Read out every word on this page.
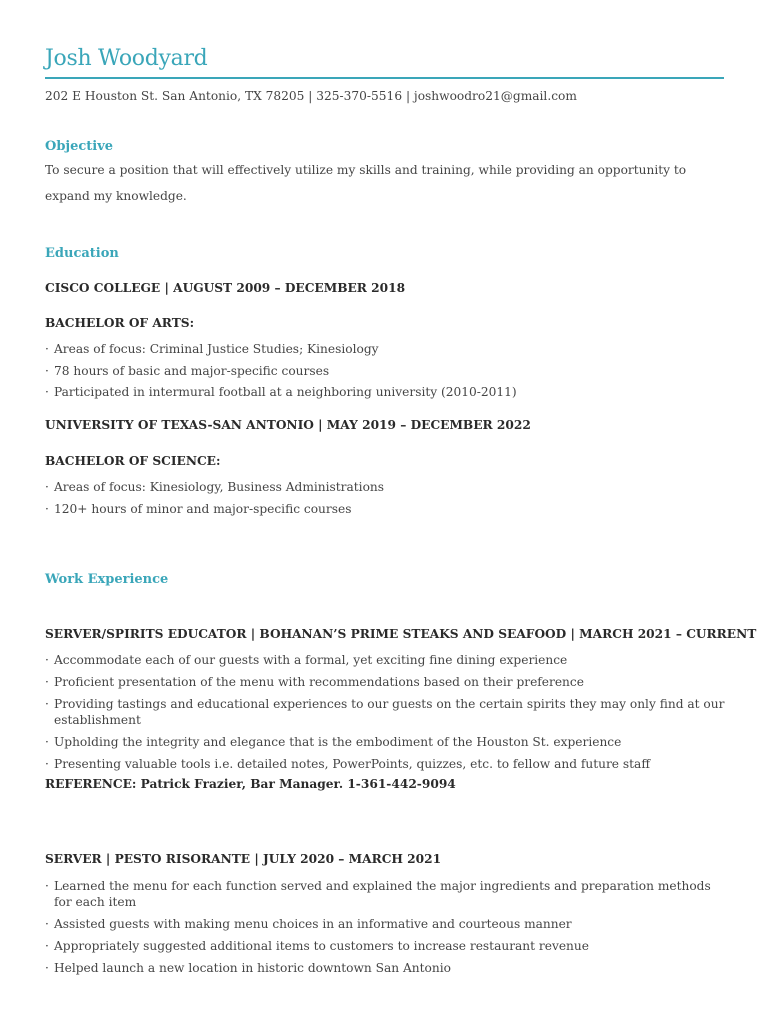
Josh Woodyard
202 E Houston St. San Antonio, TX 78205 | 325-370-5516 | joshwoodro21@gmail.com
Objective
To secure a position that will effectively utilize my skills and training, while providing an opportunity to expand my knowledge.
Education
CISCO COLLEGE | AUGUST 2009 – DECEMBER 2018
BACHELOR OF ARTS:
· Areas of focus: Criminal Justice Studies; Kinesiology
· 78 hours of basic and major-specific courses
· Participated in intermural football at a neighboring university (2010-2011)
UNIVERSITY OF TEXAS-SAN ANTONIO | MAY 2019 – DECEMBER 2022
BACHELOR OF SCIENCE:
· Areas of focus: Kinesiology, Business Administrations
· 120+ hours of minor and major-specific courses
Work Experience
SERVER/SPIRITS EDUCATOR | BOHANAN’S PRIME STEAKS AND SEAFOOD | MARCH 2021 – CURRENT
· Accommodate each of our guests with a formal, yet exciting fine dining experience
· Proficient presentation of the menu with recommendations based on their preference
· Providing tastings and educational experiences to our guests on the certain spirits they may only find at our establishment
· Upholding the integrity and elegance that is the embodiment of the Houston St. experience
· Presenting valuable tools i.e. detailed notes, PowerPoints, quizzes, etc. to fellow and future staff
REFERENCE: Patrick Frazier, Bar Manager. 1-361-442-9094
SERVER | PESTO RISORANTE | JULY 2020 – MARCH 2021
· Learned the menu for each function served and explained the major ingredients and preparation methods for each item
· Assisted guests with making menu choices in an informative and courteous manner
· Appropriately suggested additional items to customers to increase restaurant revenue
· Helped launch a new location in historic downtown San Antonio
